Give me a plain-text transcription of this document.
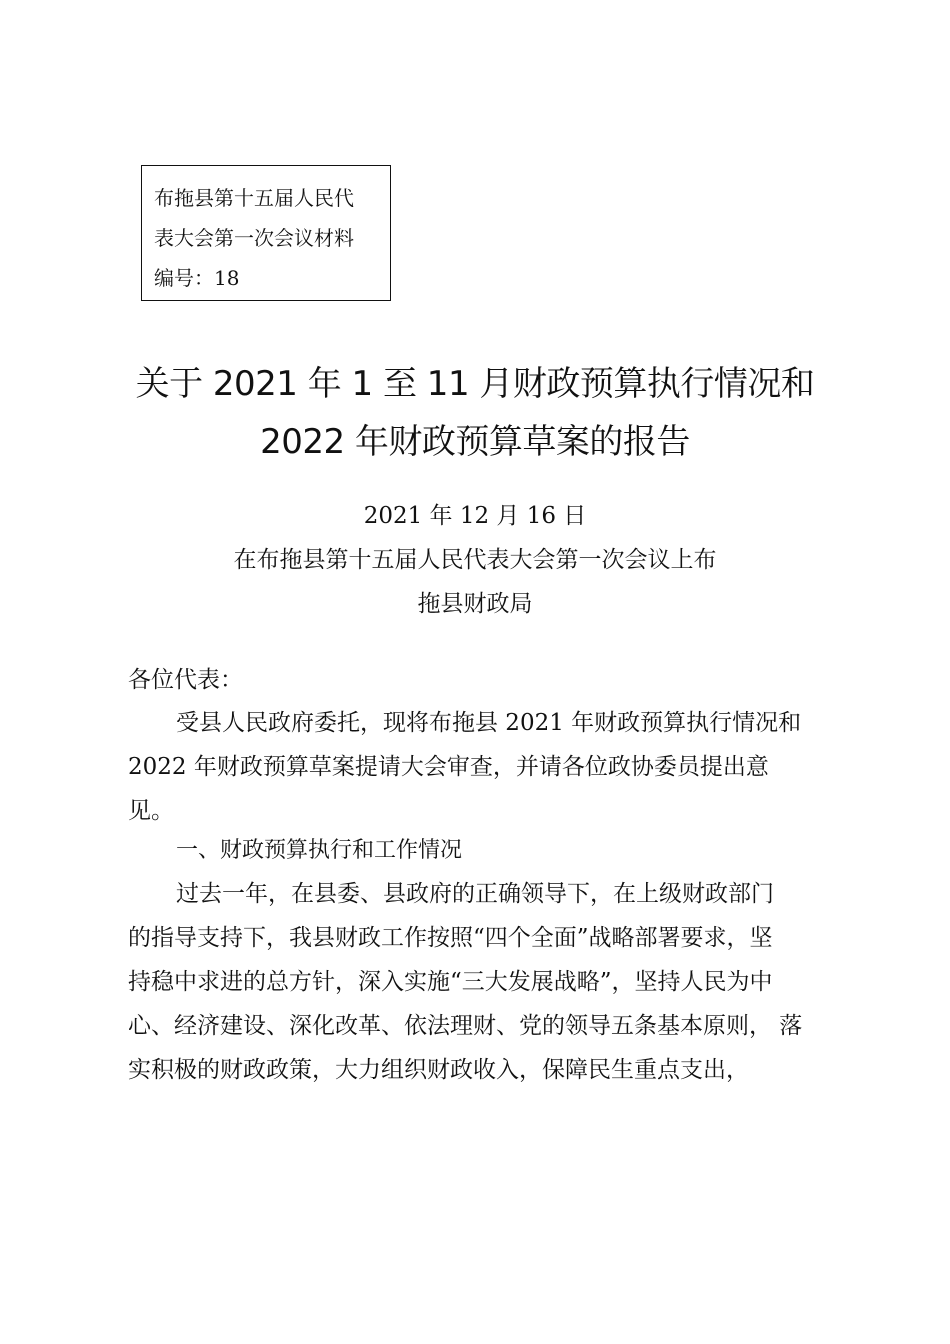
布拖县第十五届人民代
表大会第一次会议材料
编号：18
关于 2021 年 1 至 11 月财政预算执行情况和
2022 年财政预算草案的报告
2021 年 12 月 16 日
在布拖县第十五届人民代表大会第一次会议上布
拖县财政局
各位代表：
受县人民政府委托，现将布拖县 2021 年财政预算执行情况和
2022 年财政预算草案提请大会审查，并请各位政协委员提出意
见。
一、财政预算执行和工作情况
过去一年，在县委、县政府的正确领导下，在上级财政部门
的指导支持下，我县财政工作按照“四个全面”战略部署要求，坚
持稳中求进的总方针，深入实施“三大发展战略”，坚持人民为中
心、经济建设、深化改革、依法理财、党的领导五条基本原则， 落
实积极的财政政策，大力组织财政收入，保障民生重点支出，
